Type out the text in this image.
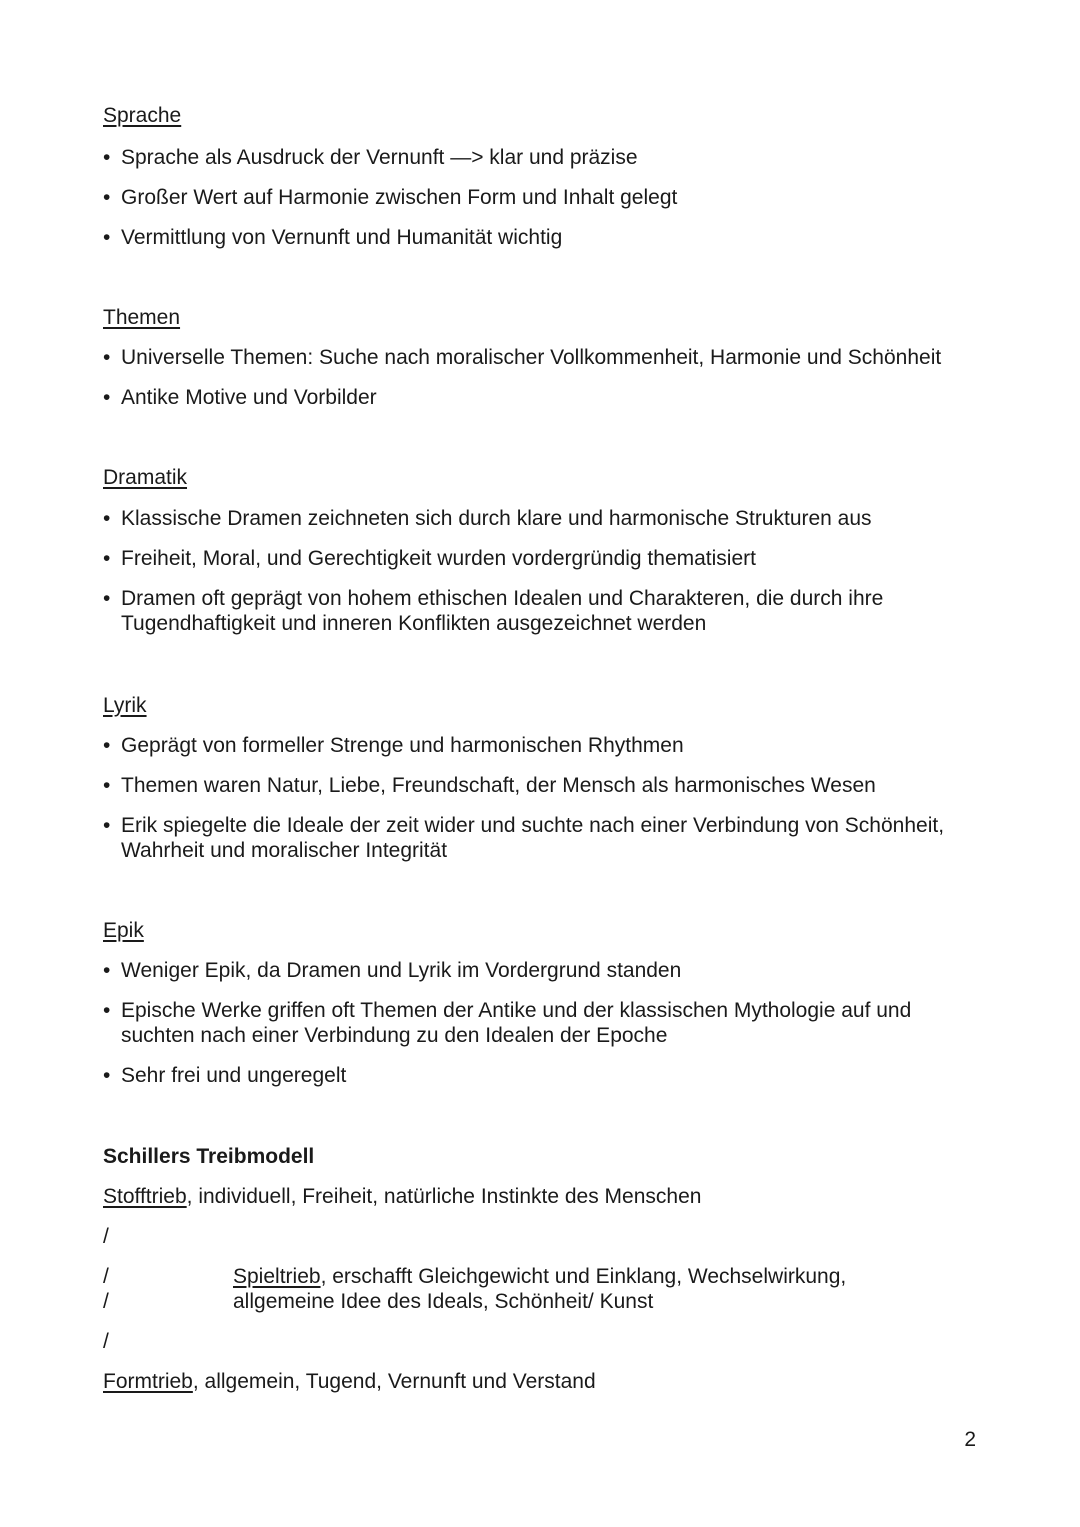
Sprache
• Sprache als Ausdruck der Vernunft —> klar und präzise
• Großer Wert auf Harmonie zwischen Form und Inhalt gelegt
• Vermittlung von Vernunft und Humanität wichtig
Themen
• Universelle Themen: Suche nach moralischer Vollkommenheit, Harmonie und Schönheit
• Antike Motive und Vorbilder
Dramatik
• Klassische Dramen zeichneten sich durch klare und harmonische Strukturen aus
• Freiheit, Moral, und Gerechtigkeit wurden vordergründig thematisiert
• Dramen oft geprägt von hohem ethischen Idealen und Charakteren, die durch ihre Tugendhaftigkeit und inneren Konflikten ausgezeichnet werden
Lyrik
• Geprägt von formeller Strenge und harmonischen Rhythmen
• Themen waren Natur, Liebe, Freundschaft, der Mensch als harmonisches Wesen
• Erik spiegelte die Ideale der zeit wider und suchte nach einer Verbindung von Schönheit, Wahrheit und moralischer Integrität
Epik
• Weniger Epik, da Dramen und Lyrik im Vordergrund standen
• Epische Werke griffen oft Themen der Antike und der klassischen Mythologie auf und suchten nach einer Verbindung zu den Idealen der Epoche
• Sehr frei und ungeregelt
Schillers Treibmodell
Stofftrieb, individuell, Freiheit, natürliche Instinkte des Menschen
/
/
/
Spieltrieb, erschafft Gleichgewicht und Einklang, Wechselwirkung, allgemeine Idee des Ideals, Schönheit/ Kunst
/
Formtrieb, allgemein, Tugend, Vernunft und Verstand
2
